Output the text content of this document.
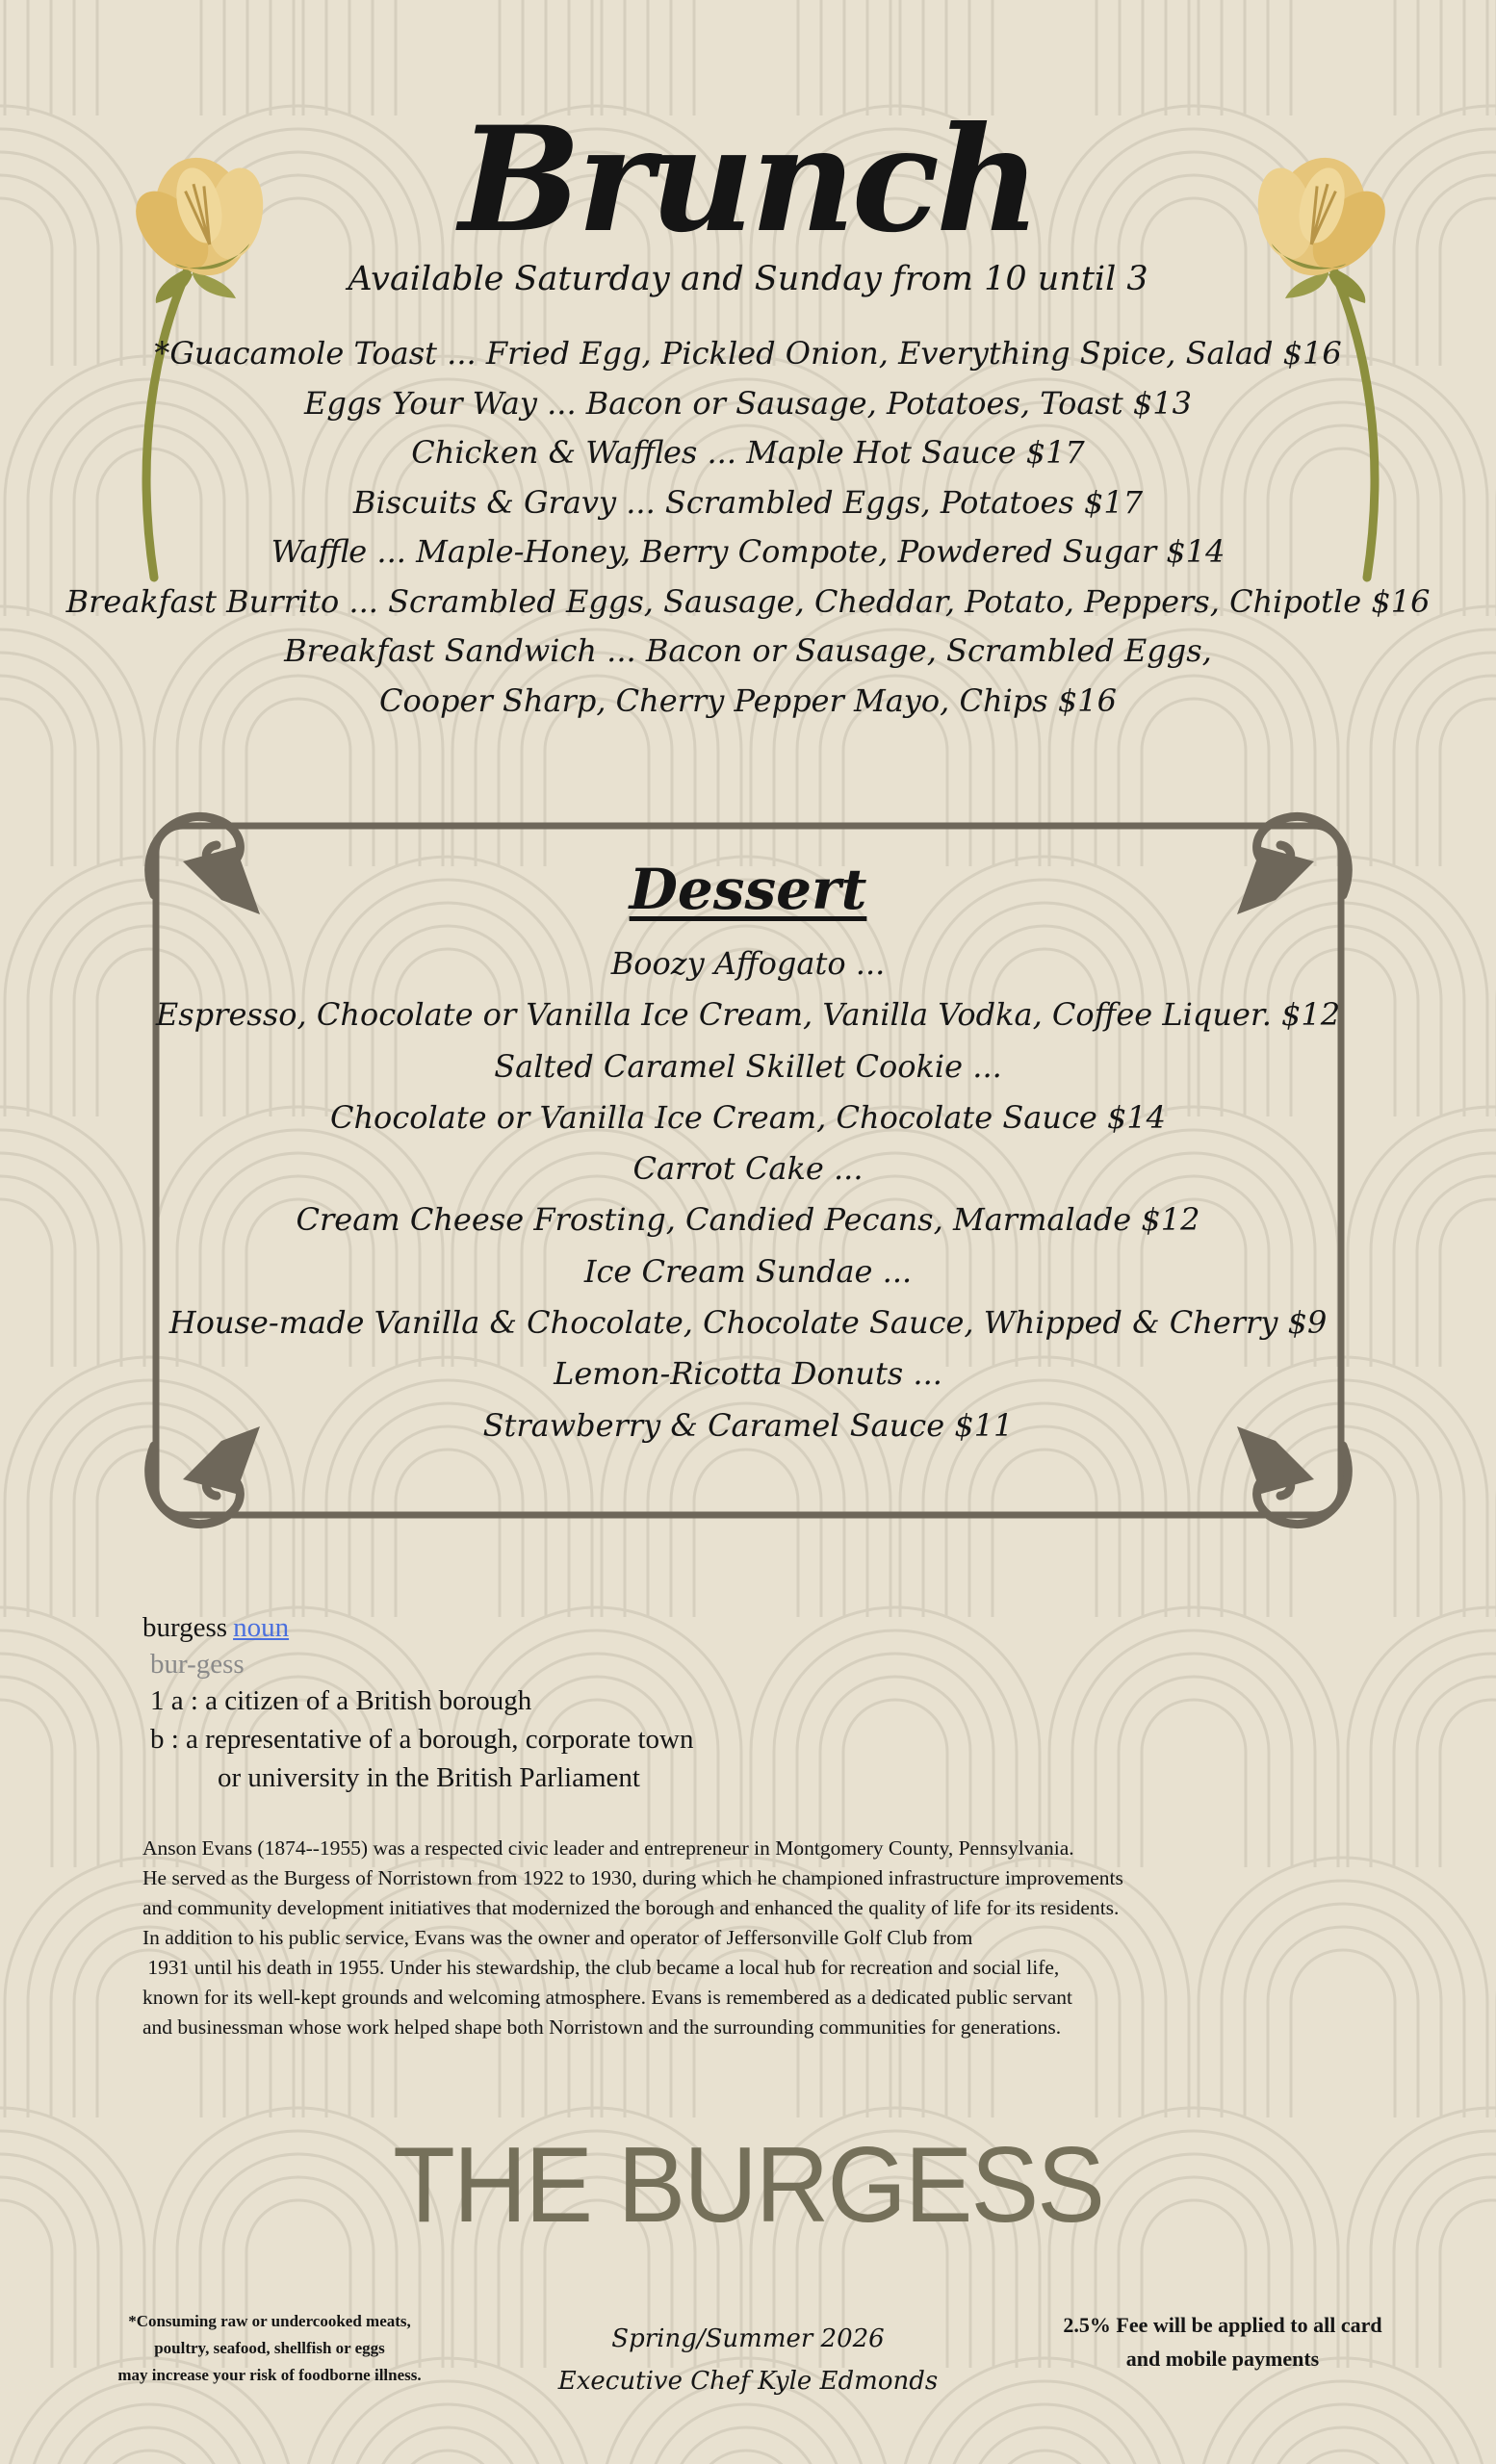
Brunch
Available Saturday and Sunday from 10 until 3
*Guacamole Toast ... Fried Egg, Pickled Onion, Everything Spice, Salad $16
Eggs Your Way ... Bacon or Sausage, Potatoes, Toast $13
Chicken & Waffles ... Maple Hot Sauce $17
Biscuits & Gravy ... Scrambled Eggs, Potatoes $17
Waffle ... Maple-Honey, Berry Compote, Powdered Sugar $14
Breakfast Burrito ... Scrambled Eggs, Sausage, Cheddar, Potato, Peppers, Chipotle $16
Breakfast Sandwich ... Bacon or Sausage, Scrambled Eggs,
Cooper Sharp, Cherry Pepper Mayo, Chips $16
Dessert
Boozy Affogato ...
Espresso, Chocolate or Vanilla Ice Cream, Vanilla Vodka, Coffee Liquer. $12
Salted Caramel Skillet Cookie ...
Chocolate or Vanilla Ice Cream, Chocolate Sauce $14
Carrot Cake ...
Cream Cheese Frosting, Candied Pecans, Marmalade $12
Ice Cream Sundae ...
House-made Vanilla & Chocolate, Chocolate Sauce, Whipped & Cherry $9
Lemon-Ricotta Donuts ...
Strawberry & Caramel Sauce $11
burgess noun
bur-gess
1 a : a citizen of a British borough
b : a representative of a borough, corporate town
or university in the British Parliament
Anson Evans (1874--1955) was a respected civic leader and entrepreneur in Montgomery County, Pennsylvania.
He served as the Burgess of Norristown from 1922 to 1930, during which he championed infrastructure improvements
and community development initiatives that modernized the borough and enhanced the quality of life for its residents.
In addition to his public service, Evans was the owner and operator of Jeffersonville Golf Club from
1931 until his death in 1955. Under his stewardship, the club became a local hub for recreation and social life,
known for its well-kept grounds and welcoming atmosphere. Evans is remembered as a dedicated public servant
and businessman whose work helped shape both Norristown and the surrounding communities for generations.
THE BURGESS
*Consuming raw or undercooked meats,
poultry, seafood, shellfish or eggs
may increase your risk of foodborne illness.
Spring/Summer 2026
Executive Chef Kyle Edmonds
2.5% Fee will be applied to all card
and mobile payments
